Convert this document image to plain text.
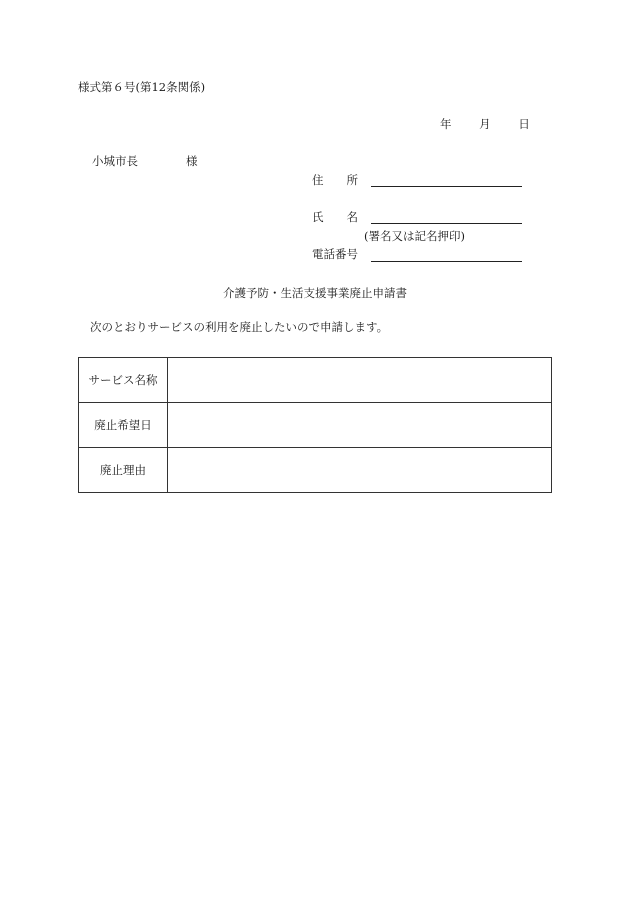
様式第６号(第12条関係)
年 月 日
小城市長	様
住　　所
氏　　名
(署名又は記名押印)
電話番号
介護予防・生活支援事業廃止申請書
次のとおりサービスの利用を廃止したいので申請します。
サービス名称	
廃止希望日	
廃止理由	
